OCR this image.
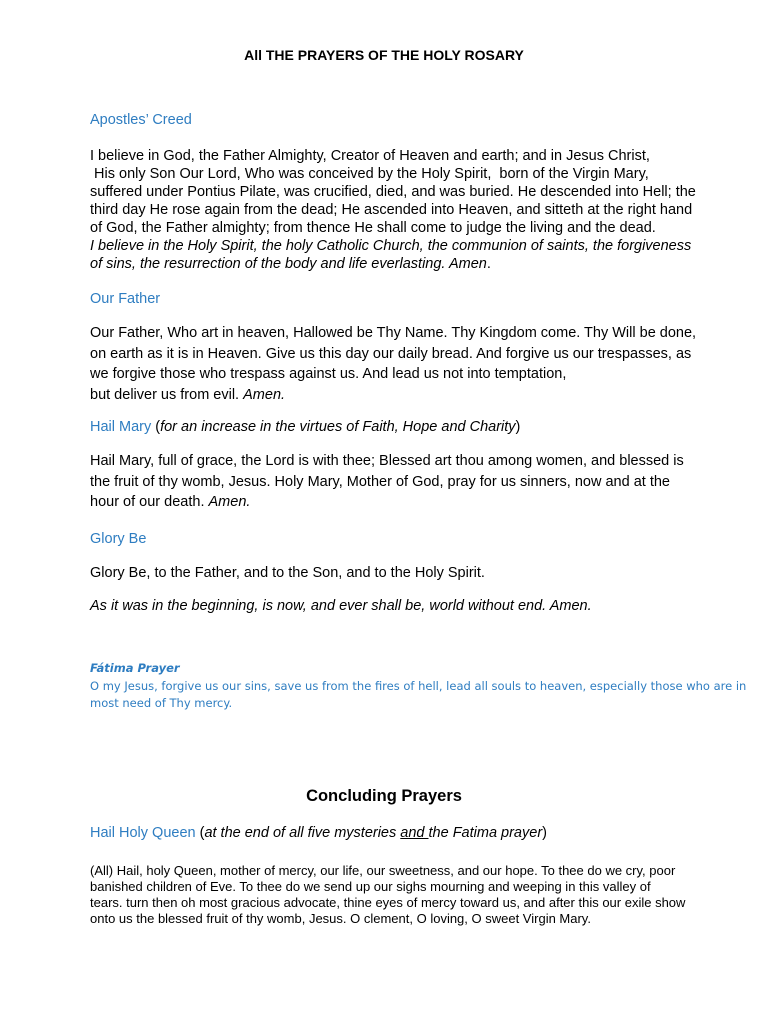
All THE PRAYERS OF THE HOLY ROSARY

Apostles’ Creed

I believe in God, the Father Almighty, Creator of Heaven and earth; and in Jesus Christ,
His only Son Our Lord, Who was conceived by the Holy Spirit,  born of the Virgin Mary,
suffered under Pontius Pilate, was crucified, died, and was buried. He descended into Hell; the
third day He rose again from the dead; He ascended into Heaven, and sitteth at the right hand
of God, the Father almighty; from thence He shall come to judge the living and the dead.
I believe in the Holy Spirit, the holy Catholic Church, the communion of saints, the forgiveness
of sins, the resurrection of the body and life everlasting. Amen.

Our Father

Our Father, Who art in heaven, Hallowed be Thy Name. Thy Kingdom come. Thy Will be done,
on earth as it is in Heaven. Give us this day our daily bread. And forgive us our trespasses, as
we forgive those who trespass against us. And lead us not into temptation,
but deliver us from evil. Amen.

Hail Mary (for an increase in the virtues of Faith, Hope and Charity)

Hail Mary, full of grace, the Lord is with thee; Blessed art thou among women, and blessed is
the fruit of thy womb, Jesus. Holy Mary, Mother of God, pray for us sinners, now and at the
hour of our death. Amen.

Glory Be

Glory Be, to the Father, and to the Son, and to the Holy Spirit.

As it was in the beginning, is now, and ever shall be, world without end. Amen.

Fátima Prayer

O my Jesus, forgive us our sins, save us from the fires of hell, lead all souls to heaven, especially those who are in
most need of Thy mercy.

Concluding Prayers

Hail Holy Queen (at the end of all five mysteries and the Fatima prayer)

(All) Hail, holy Queen, mother of mercy, our life, our sweetness, and our hope. To thee do we cry, poor
banished children of Eve. To thee do we send up our sighs mourning and weeping in this valley of
tears. turn then oh most gracious advocate, thine eyes of mercy toward us, and after this our exile show
onto us the blessed fruit of thy womb, Jesus. O clement, O loving, O sweet Virgin Mary.
